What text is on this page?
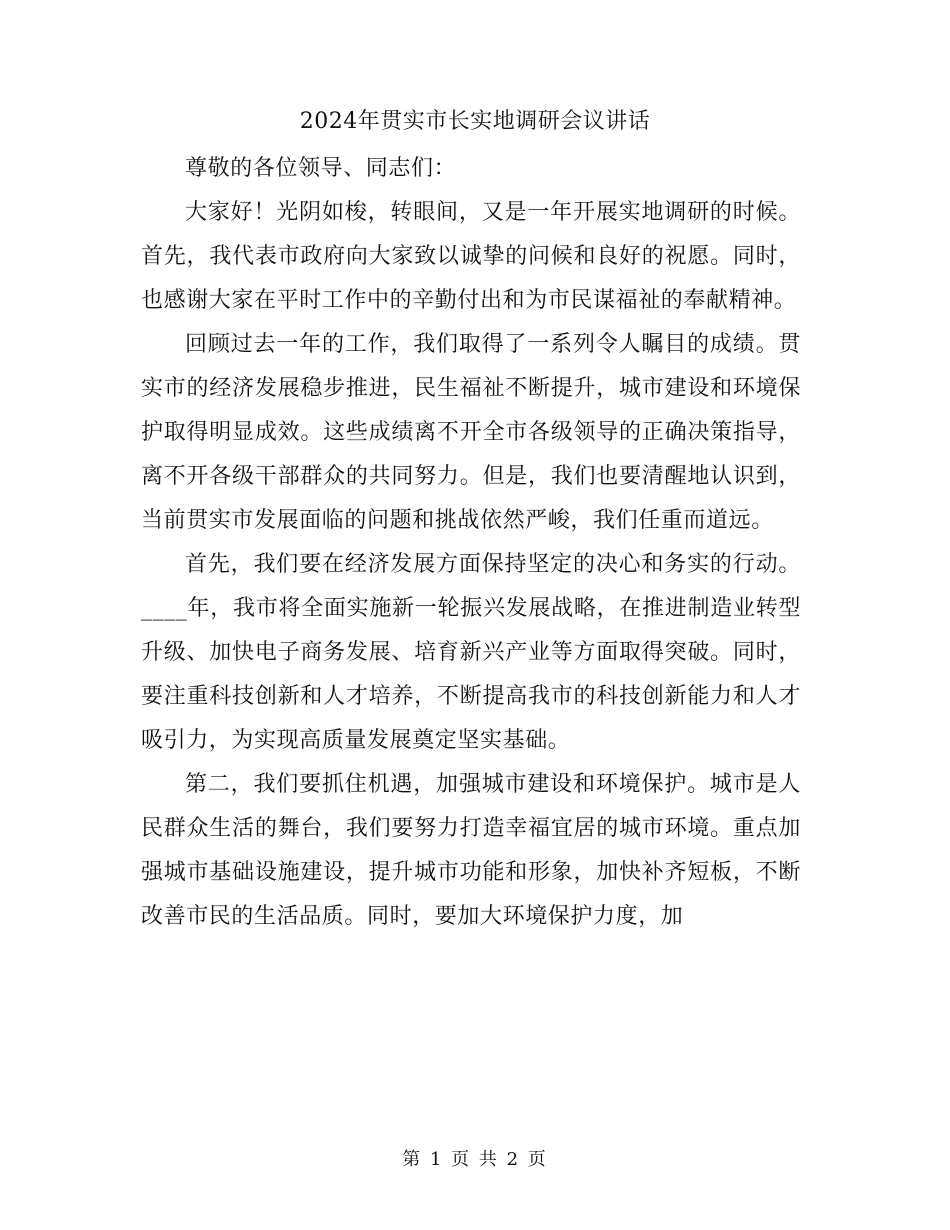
2024年贯实市长实地调研会议讲话

尊敬的各位领导、同志们：

大家好！光阴如梭，转眼间，又是一年开展实地调研的时候。首先，我代表市政府向大家致以诚挚的问候和良好的祝愿。同时，也感谢大家在平时工作中的辛勤付出和为市民谋福祉的奉献精神。

回顾过去一年的工作，我们取得了一系列令人瞩目的成绩。贯实市的经济发展稳步推进，民生福祉不断提升，城市建设和环境保护取得明显成效。这些成绩离不开全市各级领导的正确决策指导，离不开各级干部群众的共同努力。但是，我们也要清醒地认识到，当前贯实市发展面临的问题和挑战依然严峻，我们任重而道远。

首先，我们要在经济发展方面保持坚定的决心和务实的行动。____年，我市将全面实施新一轮振兴发展战略，在推进制造业转型升级、加快电子商务发展、培育新兴产业等方面取得突破。同时，要注重科技创新和人才培养，不断提高我市的科技创新能力和人才吸引力，为实现高质量发展奠定坚实基础。

第二，我们要抓住机遇，加强城市建设和环境保护。城市是人民群众生活的舞台，我们要努力打造幸福宜居的城市环境。重点加强城市基础设施建设，提升城市功能和形象，加快补齐短板，不断改善市民的生活品质。同时，要加大环境保护力度，加

第 1 页 共 2 页
